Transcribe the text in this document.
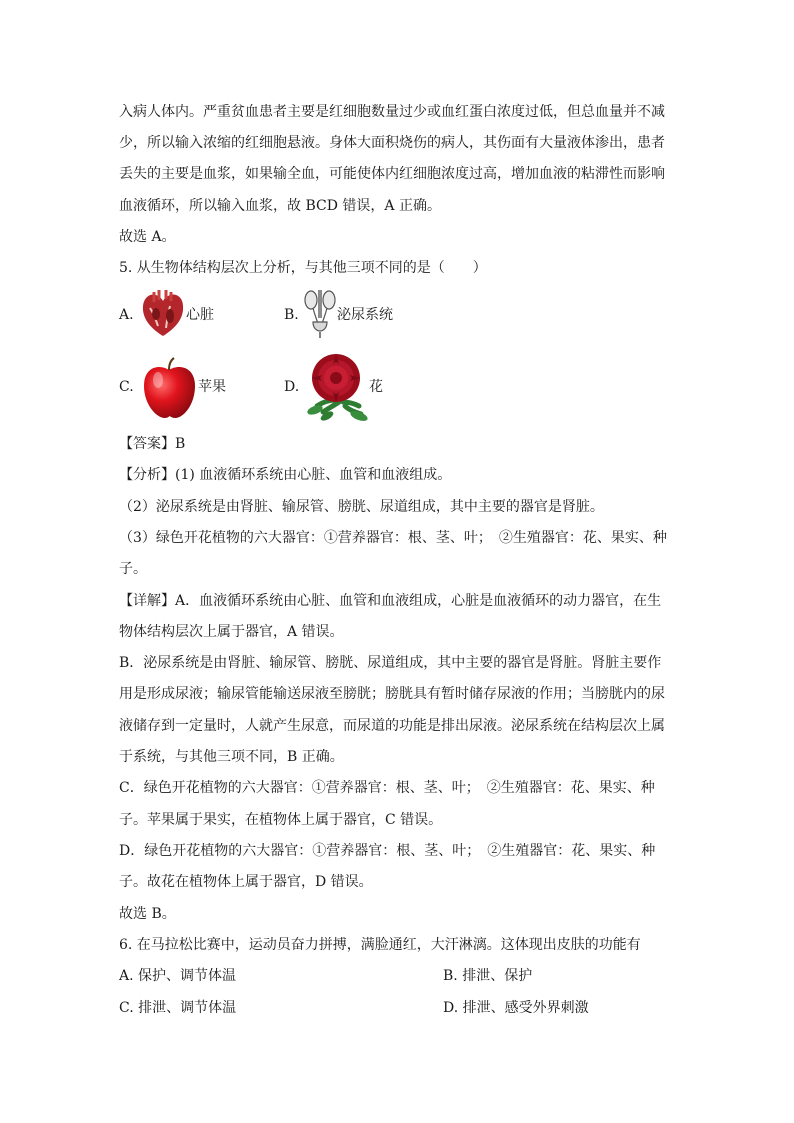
入病人体内。严重贫血患者主要是红细胞数量过少或血红蛋白浓度过低，但总血量并不减
少，所以输入浓缩的红细胞悬液。身体大面积烧伤的病人，其伤面有大量液体渗出，患者
丢失的主要是血浆，如果输全血，可能使体内红细胞浓度过高，增加血液的粘滞性而影响
血液循环，所以输入血浆，故 BCD 错误，A 正确。
故选 A。
5. 从生物体结构层次上分析，与其他三项不同的是（　　）
A.	心脏	B.	泌尿系统
C.	苹果	D.	花
【答案】B
【分析】(1) 血液循环系统由心脏、血管和血液组成。
（2）泌尿系统是由肾脏、输尿管、膀胱、尿道组成，其中主要的器官是肾脏。
（3）绿色开花植物的六大器官：①营养器官：根、茎、叶；　②生殖器官：花、果实、种
子。
【详解】A．血液循环系统由心脏、血管和血液组成，心脏是血液循环的动力器官，在生
物体结构层次上属于器官，A 错误。
B．泌尿系统是由肾脏、输尿管、膀胱、尿道组成，其中主要的器官是肾脏。肾脏主要作
用是形成尿液；输尿管能输送尿液至膀胱；膀胱具有暂时储存尿液的作用；当膀胱内的尿
液储存到一定量时，人就产生尿意，而尿道的功能是排出尿液。泌尿系统在结构层次上属
于系统，与其他三项不同，B 正确。
C．绿色开花植物的六大器官：①营养器官：根、茎、叶；　②生殖器官：花、果实、种
子。苹果属于果实，在植物体上属于器官，C 错误。
D．绿色开花植物的六大器官：①营养器官：根、茎、叶；　②生殖器官：花、果实、种
子。故花在植物体上属于器官，D 错误。
故选 B。
6. 在马拉松比赛中，运动员奋力拼搏，满脸通红，大汗淋漓。这体现出皮肤的功能有
A. 保护、调节体温	B. 排泄、保护
C. 排泄、调节体温	D. 排泄、感受外界刺激
